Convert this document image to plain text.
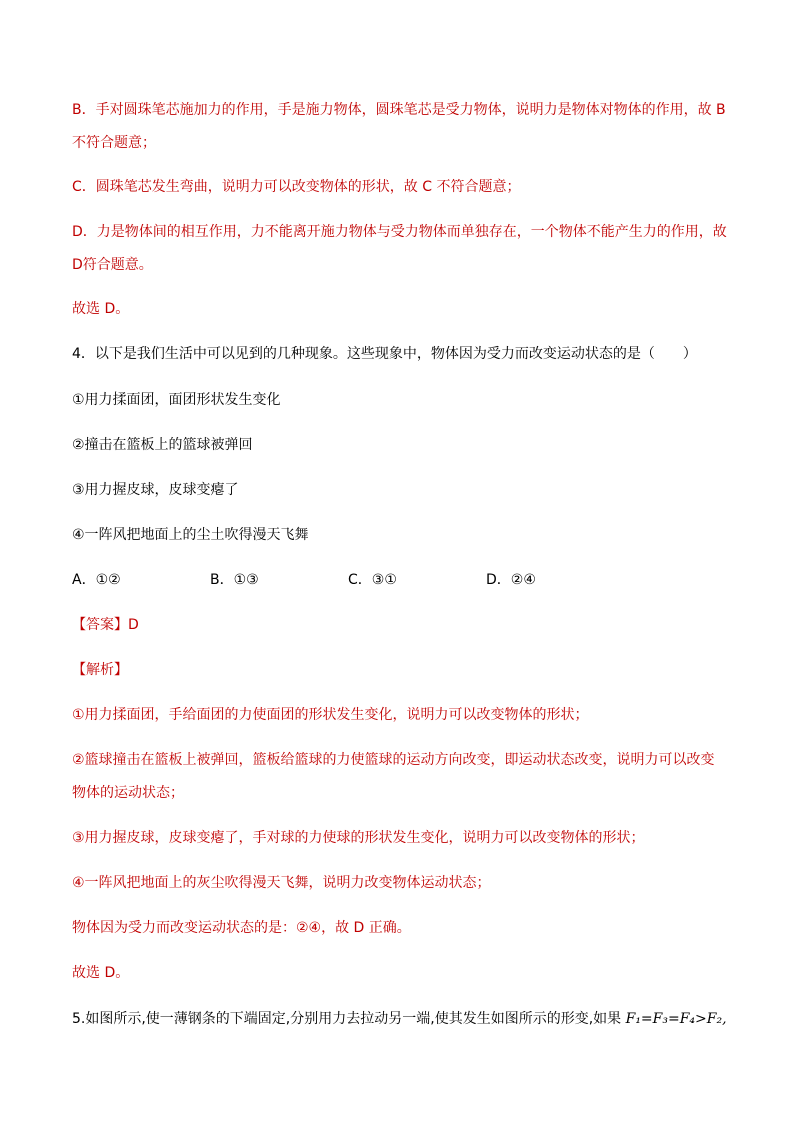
B．手对圆珠笔芯施加力的作用，手是施力物体，圆珠笔芯是受力物体，说明力是物体对物体的作用，故 B
不符合题意；
C．圆珠笔芯发生弯曲，说明力可以改变物体的形状，故 C 不符合题意；
D．力是物体间的相互作用，力不能离开施力物体与受力物体而单独存在，一个物体不能产生力的作用，故
D符合题意。
故选 D。
4．以下是我们生活中可以见到的几种现象。这些现象中，物体因为受力而改变运动状态的是（　　）
①用力揉面团，面团形状发生变化
②撞击在篮板上的篮球被弹回
③用力握皮球，皮球变瘪了
④一阵风把地面上的尘土吹得漫天飞舞
A．①②	B．①③	C．③①	D．②④
【答案】D
【解析】
①用力揉面团，手给面团的力使面团的形状发生变化，说明力可以改变物体的形状；
②篮球撞击在篮板上被弹回，篮板给篮球的力使篮球的运动方向改变，即运动状态改变，说明力可以改变
物体的运动状态；
③用力握皮球，皮球变瘪了，手对球的力使球的形状发生变化，说明力可以改变物体的形状；
④一阵风把地面上的灰尘吹得漫天飞舞，说明力改变物体运动状态；
物体因为受力而改变运动状态的是：②④，故 D 正确。
故选 D。
5.如图所示,使一薄钢条的下端固定,分别用力去拉动另一端,使其发生如图所示的形变,如果 F₁=F₃=F₄>F₂,
